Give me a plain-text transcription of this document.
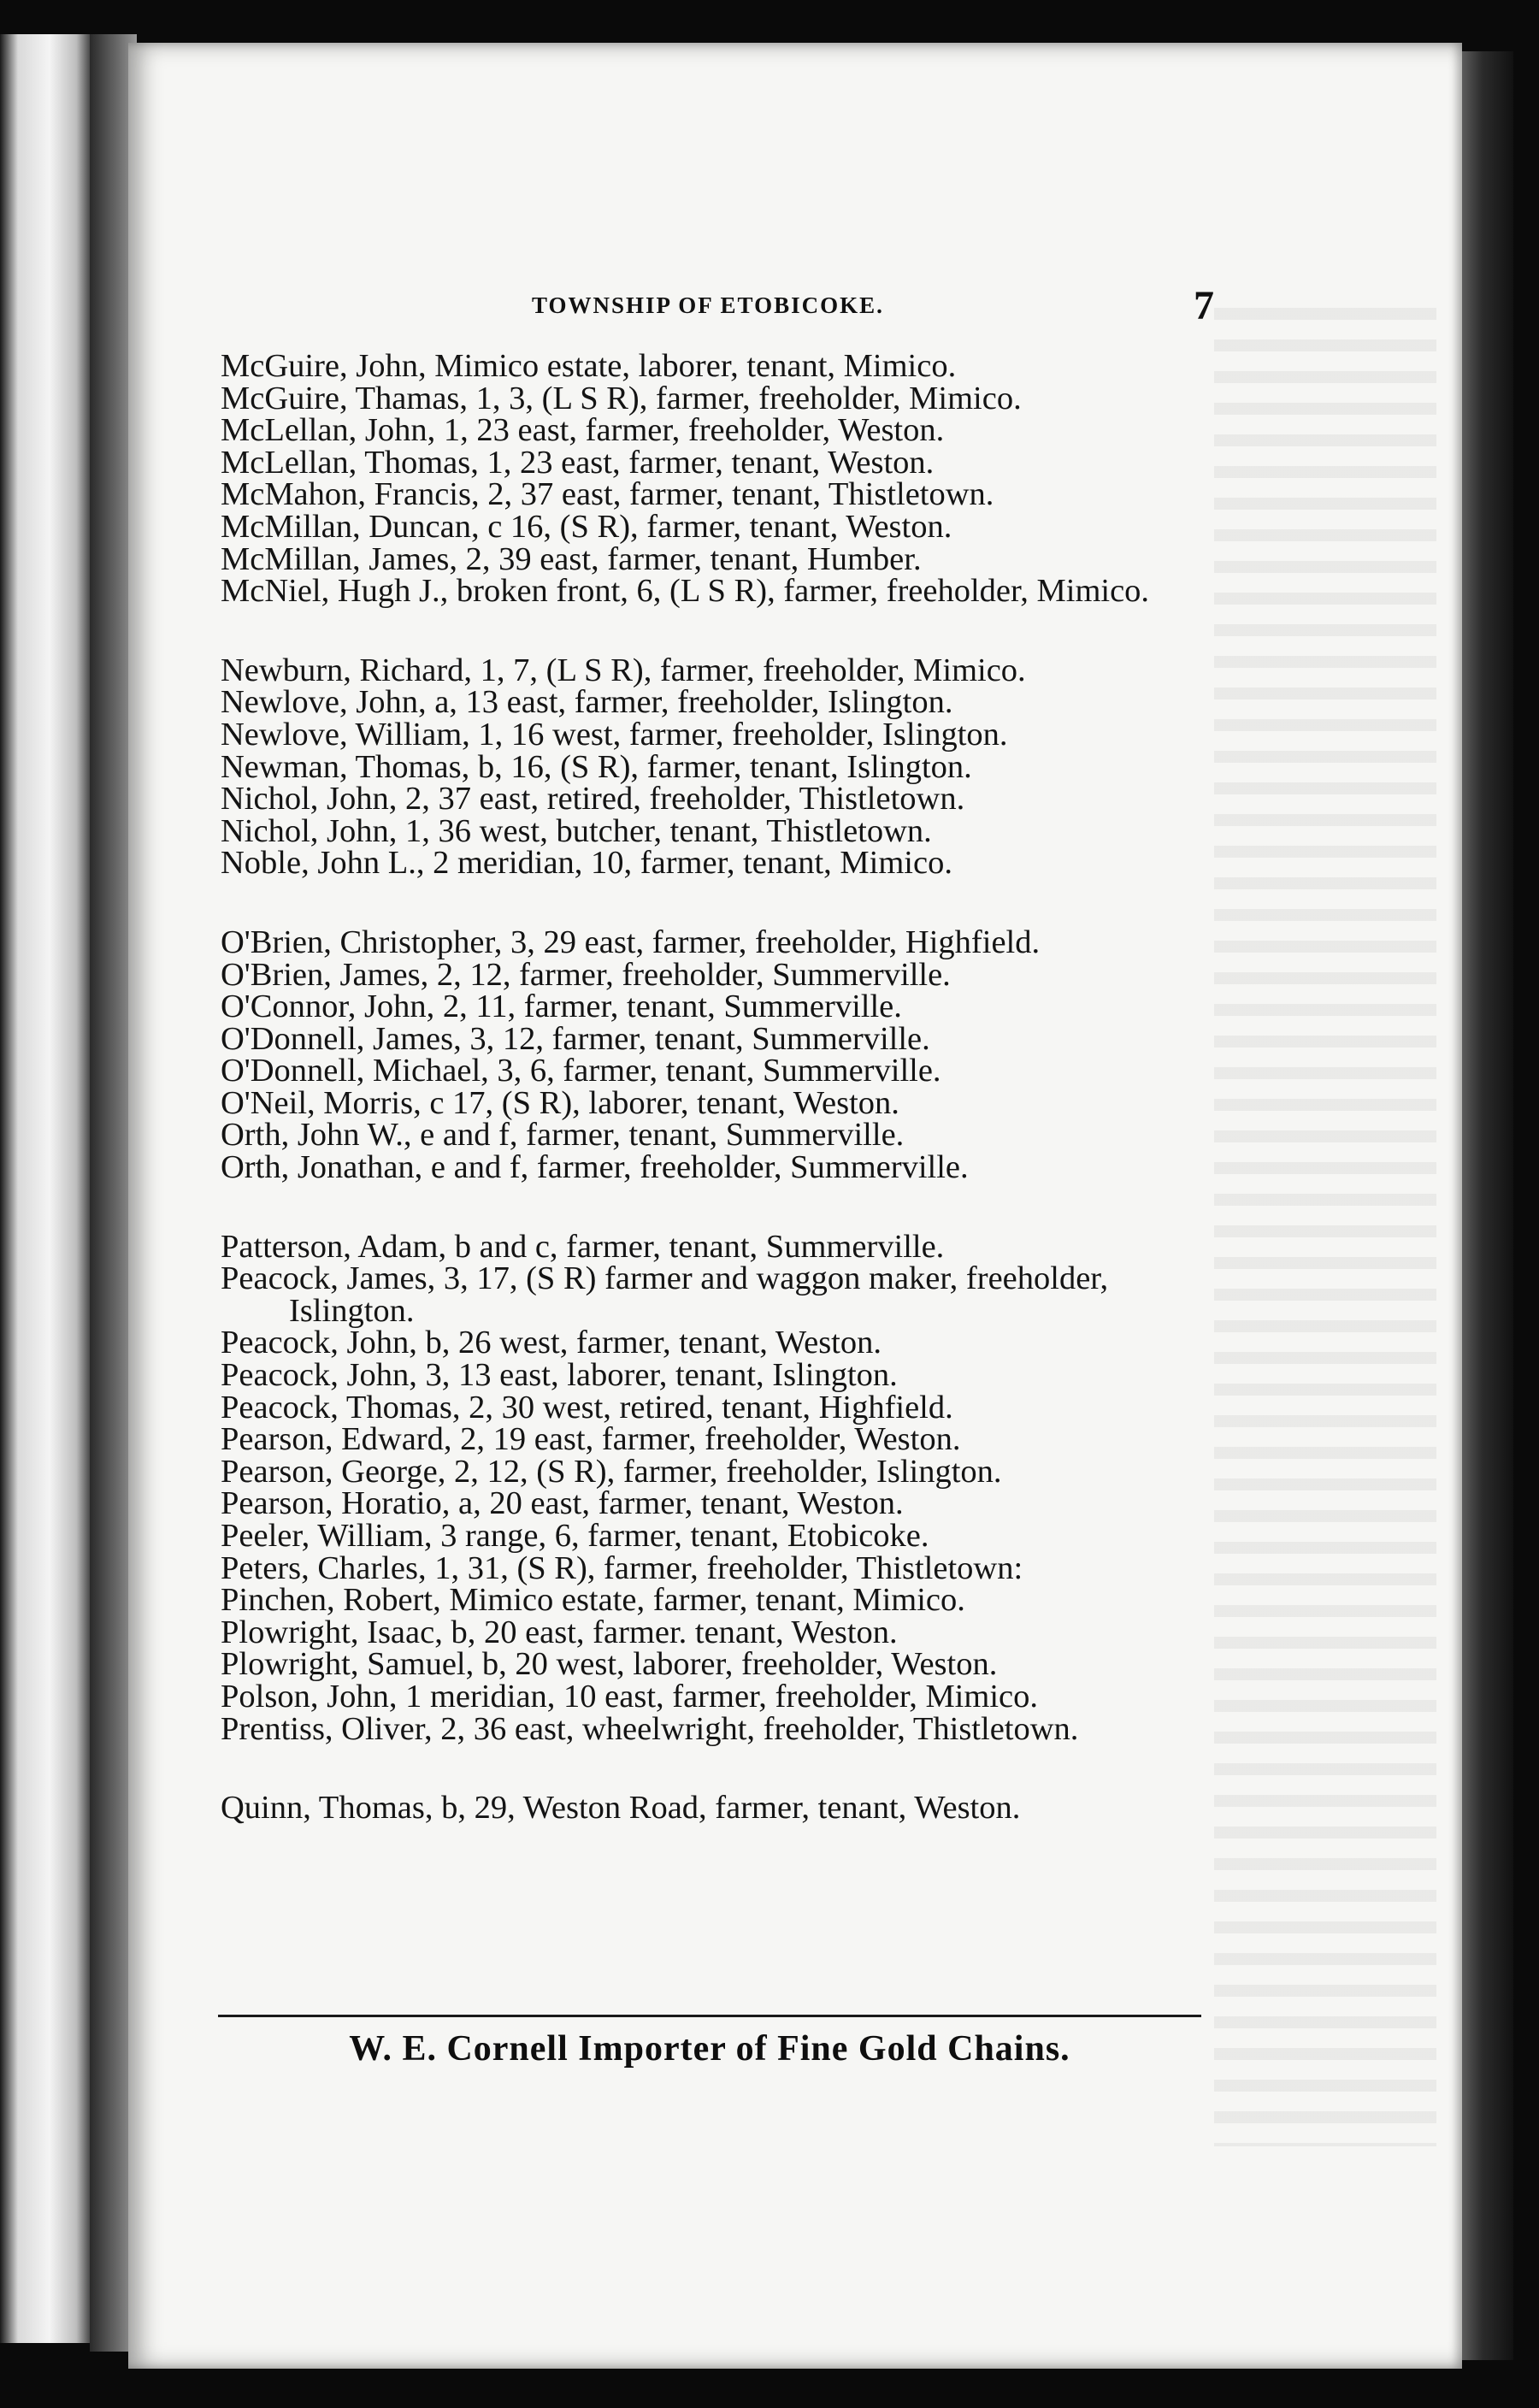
TOWNSHIP OF ETOBICOKE.	7
McGuire, John, Mimico estate, laborer, tenant, Mimico.
McGuire, Thamas, 1, 3, (L S R), farmer, freeholder, Mimico.
McLellan, John, 1, 23 east, farmer, freeholder, Weston.
McLellan, Thomas, 1, 23 east, farmer, tenant, Weston.
McMahon, Francis, 2, 37 east, farmer, tenant, Thistletown.
McMillan, Duncan, c 16, (S R), farmer, tenant, Weston.
McMillan, James, 2, 39 east, farmer, tenant, Humber.
McNiel, Hugh J., broken front, 6, (L S R), farmer, freeholder, Mimico.
Newburn, Richard, 1, 7, (L S R), farmer, freeholder, Mimico.
Newlove, John, a, 13 east, farmer, freeholder, Islington.
Newlove, William, 1, 16 west, farmer, freeholder, Islington.
Newman, Thomas, b, 16, (S R), farmer, tenant, Islington.
Nichol, John, 2, 37 east, retired, freeholder, Thistletown.
Nichol, John, 1, 36 west, butcher, tenant, Thistletown.
Noble, John L., 2 meridian, 10, farmer, tenant, Mimico.
O'Brien, Christopher, 3, 29 east, farmer, freeholder, Highfield.
O'Brien, James, 2, 12, farmer, freeholder, Summerville.
O'Connor, John, 2, 11, farmer, tenant, Summerville.
O'Donnell, James, 3, 12, farmer, tenant, Summerville.
O'Donnell, Michael, 3, 6, farmer, tenant, Summerville.
O'Neil, Morris, c 17, (S R), laborer, tenant, Weston.
Orth, John W., e and f, farmer, tenant, Summerville.
Orth, Jonathan, e and f, farmer, freeholder, Summerville.
Patterson, Adam, b and c, farmer, tenant, Summerville.
Peacock, James, 3, 17, (S R) farmer and waggon maker, freeholder, Islington.
Peacock, John, b, 26 west, farmer, tenant, Weston.
Peacock, John, 3, 13 east, laborer, tenant, Islington.
Peacock, Thomas, 2, 30 west, retired, tenant, Highfield.
Pearson, Edward, 2, 19 east, farmer, freeholder, Weston.
Pearson, George, 2, 12, (S R), farmer, freeholder, Islington.
Pearson, Horatio, a, 20 east, farmer, tenant, Weston.
Peeler, William, 3 range, 6, farmer, tenant, Etobicoke.
Peters, Charles, 1, 31, (S R), farmer, freeholder, Thistletown:
Pinchen, Robert, Mimico estate, farmer, tenant, Mimico.
Plowright, Isaac, b, 20 east, farmer. tenant, Weston.
Plowright, Samuel, b, 20 west, laborer, freeholder, Weston.
Polson, John, 1 meridian, 10 east, farmer, freeholder, Mimico.
Prentiss, Oliver, 2, 36 east, wheelwright, freeholder, Thistletown.
Quinn, Thomas, b, 29, Weston Road, farmer, tenant, Weston.
W. E. Cornell Importer of Fine Gold Chains.
